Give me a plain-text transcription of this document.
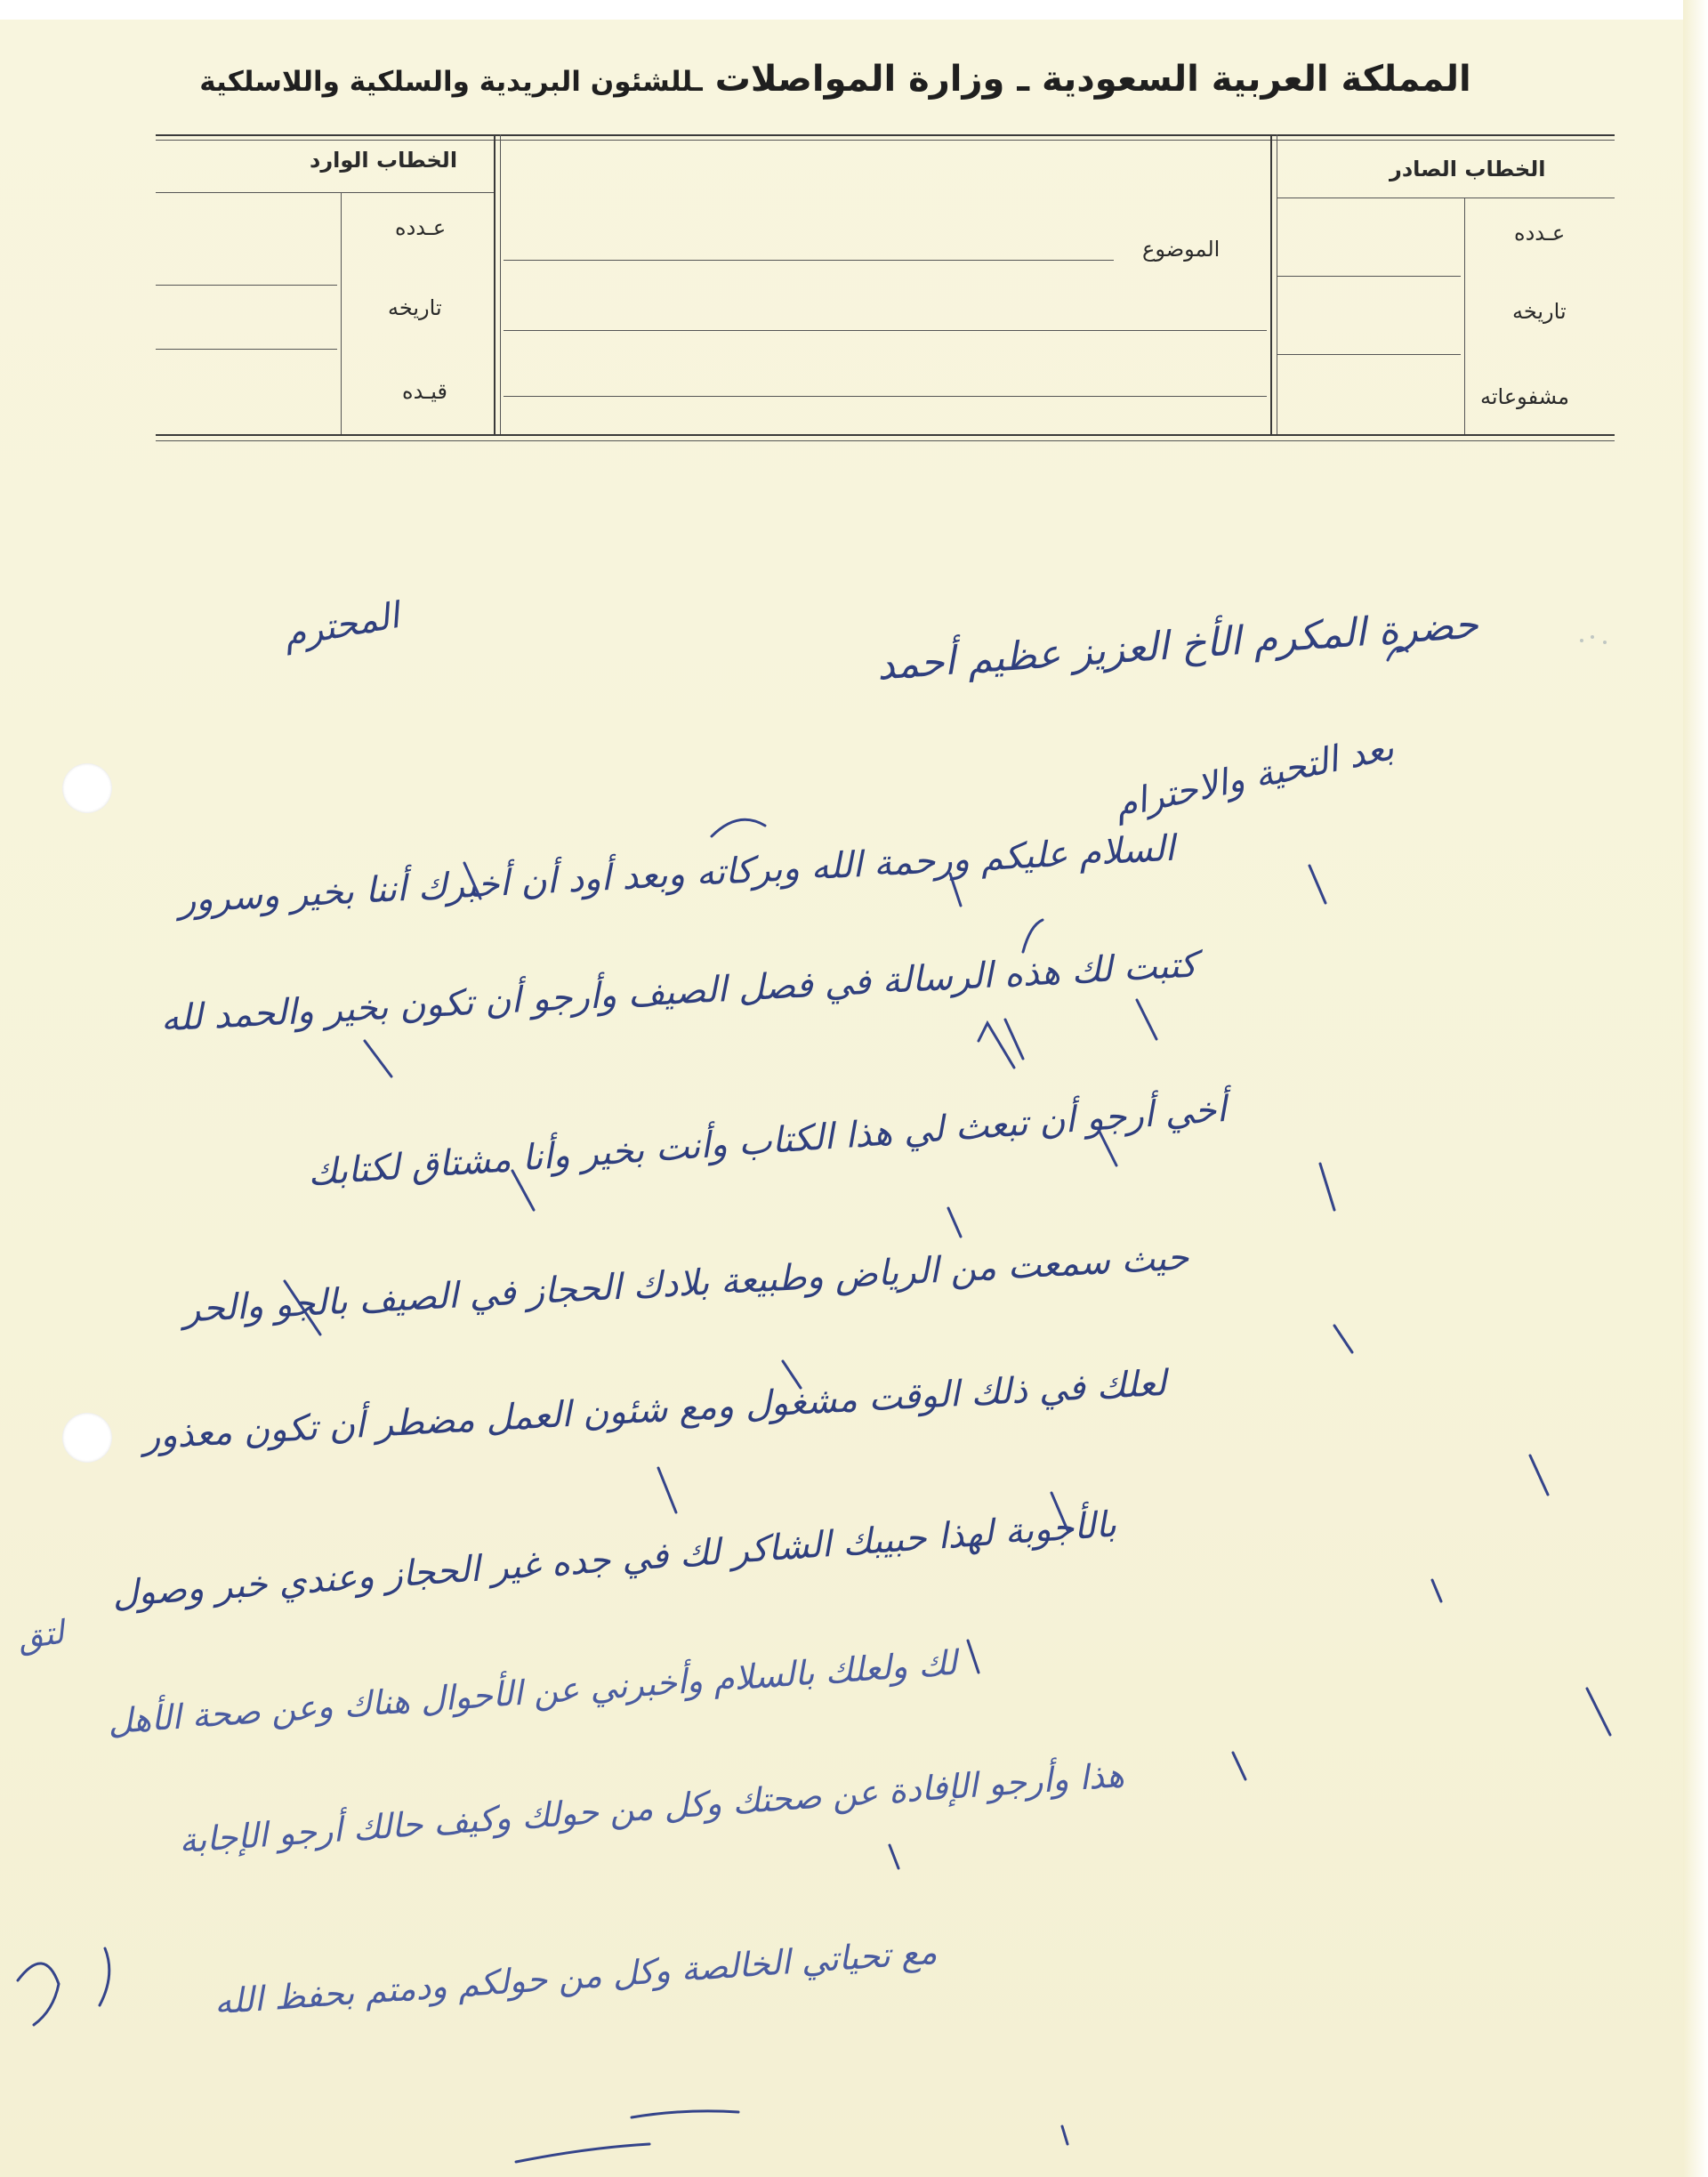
المملكة العربية السعودية ـ وزارة المواصلات ـللشئون البريدية والسلكية واللاسلكية
الخطاب الصادر
عـدده
تاريخه
مشفوعاته
الموضوع
الخطاب الوارد
عـدده
تاريخه
قيـده
المحترم	حضرة المكرم الأخ العزيز عظيم أحمد
بعد التحية والاحترام
السلام عليكم ورحمة الله وبركاته وبعد أود أن أخبرك أننا بخير وسرور
كتبت لك هذه الرسالة في فصل الصيف وأرجو أن تكون بخير والحمد لله
أخي أرجو أن تبعث لي هذا الكتاب وأنت بخير وأنا مشتاق لكتابك
حيث سمعت من الرياض وطبيعة بلادك الحجاز في الصيف بالجو والحر
لعلك في ذلك الوقت مشغول ومع شئون العمل مضطر أن تكون معذور
بالأجوبة لهذا حبيبك الشاكر لك في جده غير الحجاز وعندي خبر وصول
لك ولعلك بالسلام وأخبرني عن الأحوال هناك وعن صحة الأهل
هذا وأرجو الإفادة عن صحتك وكل من حولك وكيف حالك أرجو الإجابة
مع تحياتي الخالصة وكل من حولكم ودمتم بحفظ الله
لتق
